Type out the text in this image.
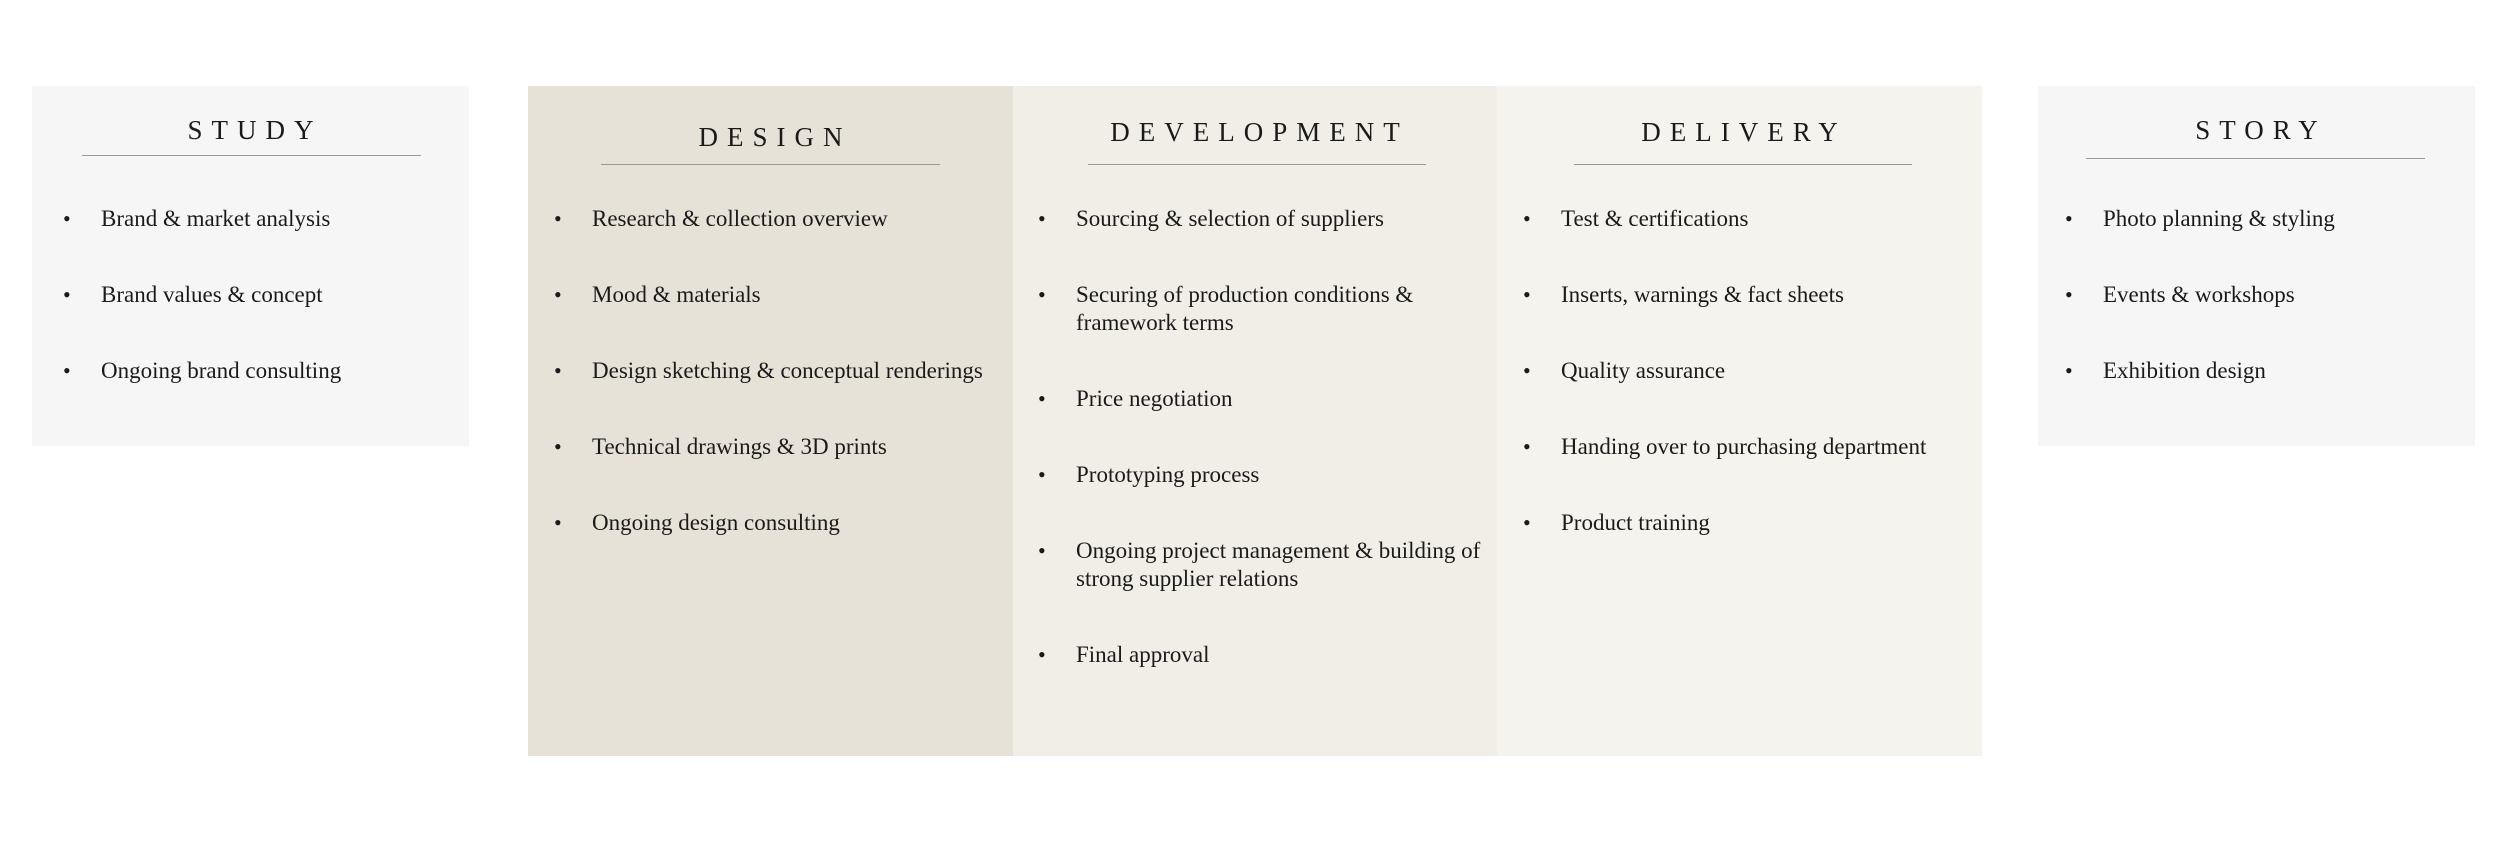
STUDY
• Brand & market analysis
• Brand values & concept
• Ongoing brand consulting
DESIGN
• Research & collection overview
• Mood & materials
• Design sketching & conceptual renderings
• Technical drawings & 3D prints
• Ongoing design consulting
DEVELOPMENT
• Sourcing & selection of suppliers
• Securing of production conditions & framework terms
• Price negotiation
• Prototyping process
• Ongoing project management & building of strong supplier relations
• Final approval
DELIVERY
• Test & certifications
• Inserts, warnings & fact sheets
• Quality assurance
• Handing over to purchasing department
• Product training
STORY
• Photo planning & styling
• Events & workshops
• Exhibition design
